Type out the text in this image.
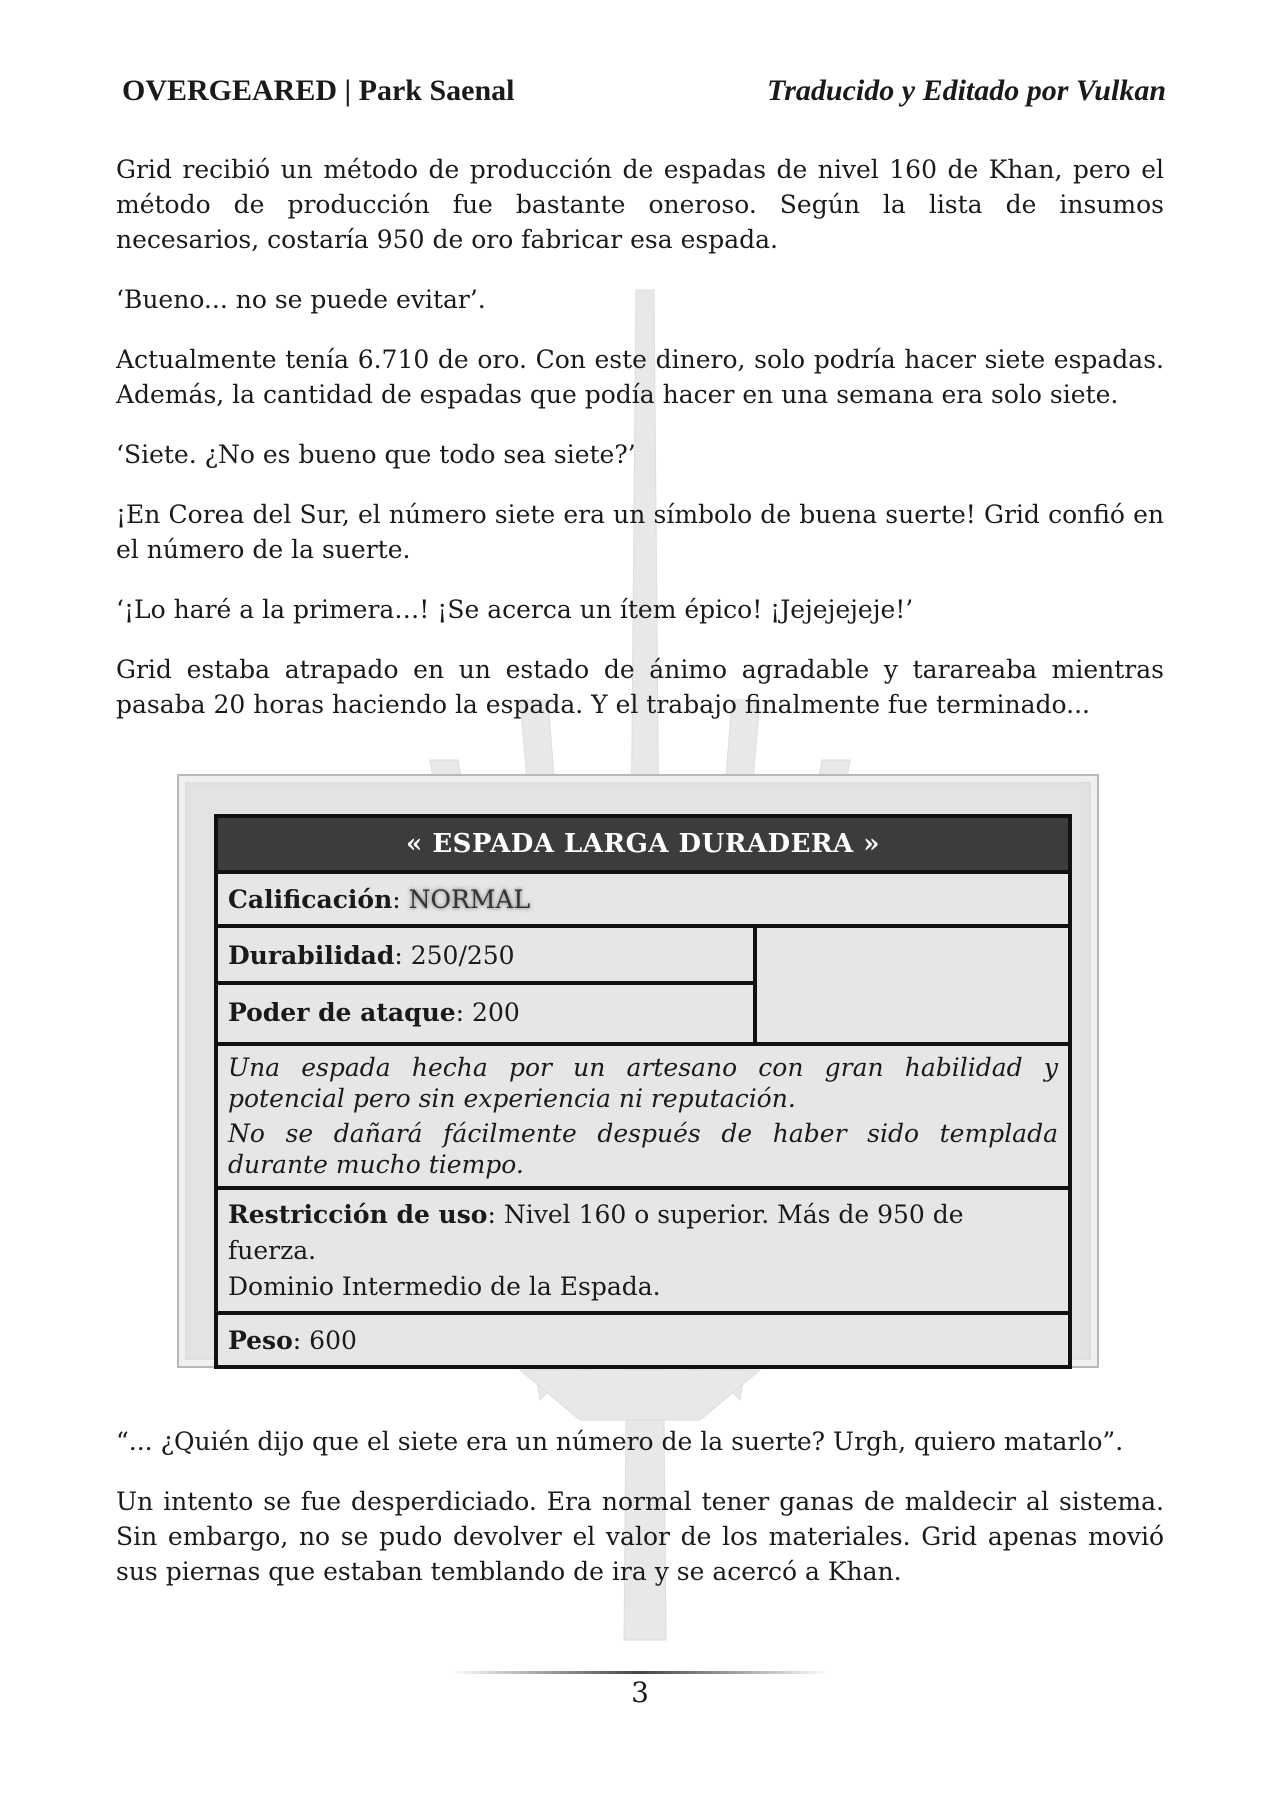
OVERGEARED | Park Saenal	Traducido y Editado por Vulkan

Grid recibió un método de producción de espadas de nivel 160 de Khan, pero el método de producción fue bastante oneroso. Según la lista de insumos necesarios, costaría 950 de oro fabricar esa espada.

‘Bueno... no se puede evitar’.

Actualmente tenía 6.710 de oro. Con este dinero, solo podría hacer siete espadas. Además, la cantidad de espadas que podía hacer en una semana era solo siete.

‘Siete. ¿No es bueno que todo sea siete?’

¡En Corea del Sur, el número siete era un símbolo de buena suerte! Grid confió en el número de la suerte.

‘¡Lo haré a la primera…! ¡Se acerca un ítem épico! ¡Jejejejeje!’

Grid estaba atrapado en un estado de ánimo agradable y tarareaba mientras pasaba 20 horas haciendo la espada. Y el trabajo finalmente fue terminado...

« ESPADA LARGA DURADERA »
Calificación: NORMAL
Durabilidad: 250/250
Poder de ataque: 200

Una espada hecha por un artesano con gran habilidad y potencial pero sin experiencia ni reputación.

No se dañará fácilmente después de haber sido templada durante mucho tiempo.

Restricción de uso: Nivel 160 o superior. Más de 950 de fuerza.
Dominio Intermedio de la Espada.
Peso: 600

“... ¿Quién dijo que el siete era un número de la suerte? Urgh, quiero matarlo”.

Un intento se fue desperdiciado. Era normal tener ganas de maldecir al sistema. Sin embargo, no se pudo devolver el valor de los materiales. Grid apenas movió sus piernas que estaban temblando de ira y se acercó a Khan.

3
